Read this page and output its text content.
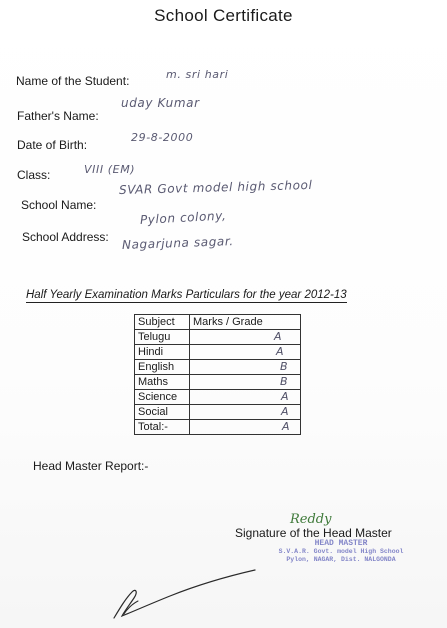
School Certificate
Name of the Student:	m. sri hari
Father's Name:
uday Kumar
Date of Birth:
29-8-2000
Class:	VIII (EM)
School Name:
SVAR Govt model high school
School Address:
Pylon colony,
Nagarjuna sagar.
Half Yearly Examination Marks Particulars for the year 2012-13
Subject	Marks / Grade
Telugu	A
Hindi	A
English	B
Maths	B
Science	A
Social	A
Total:-	A
Head Master Report:-
Reddy
Signature of the Head Master
HEAD MASTER
S.V.A.R. Govt. model High School
Pylon, NAGAR, Dist. NALGONDA
